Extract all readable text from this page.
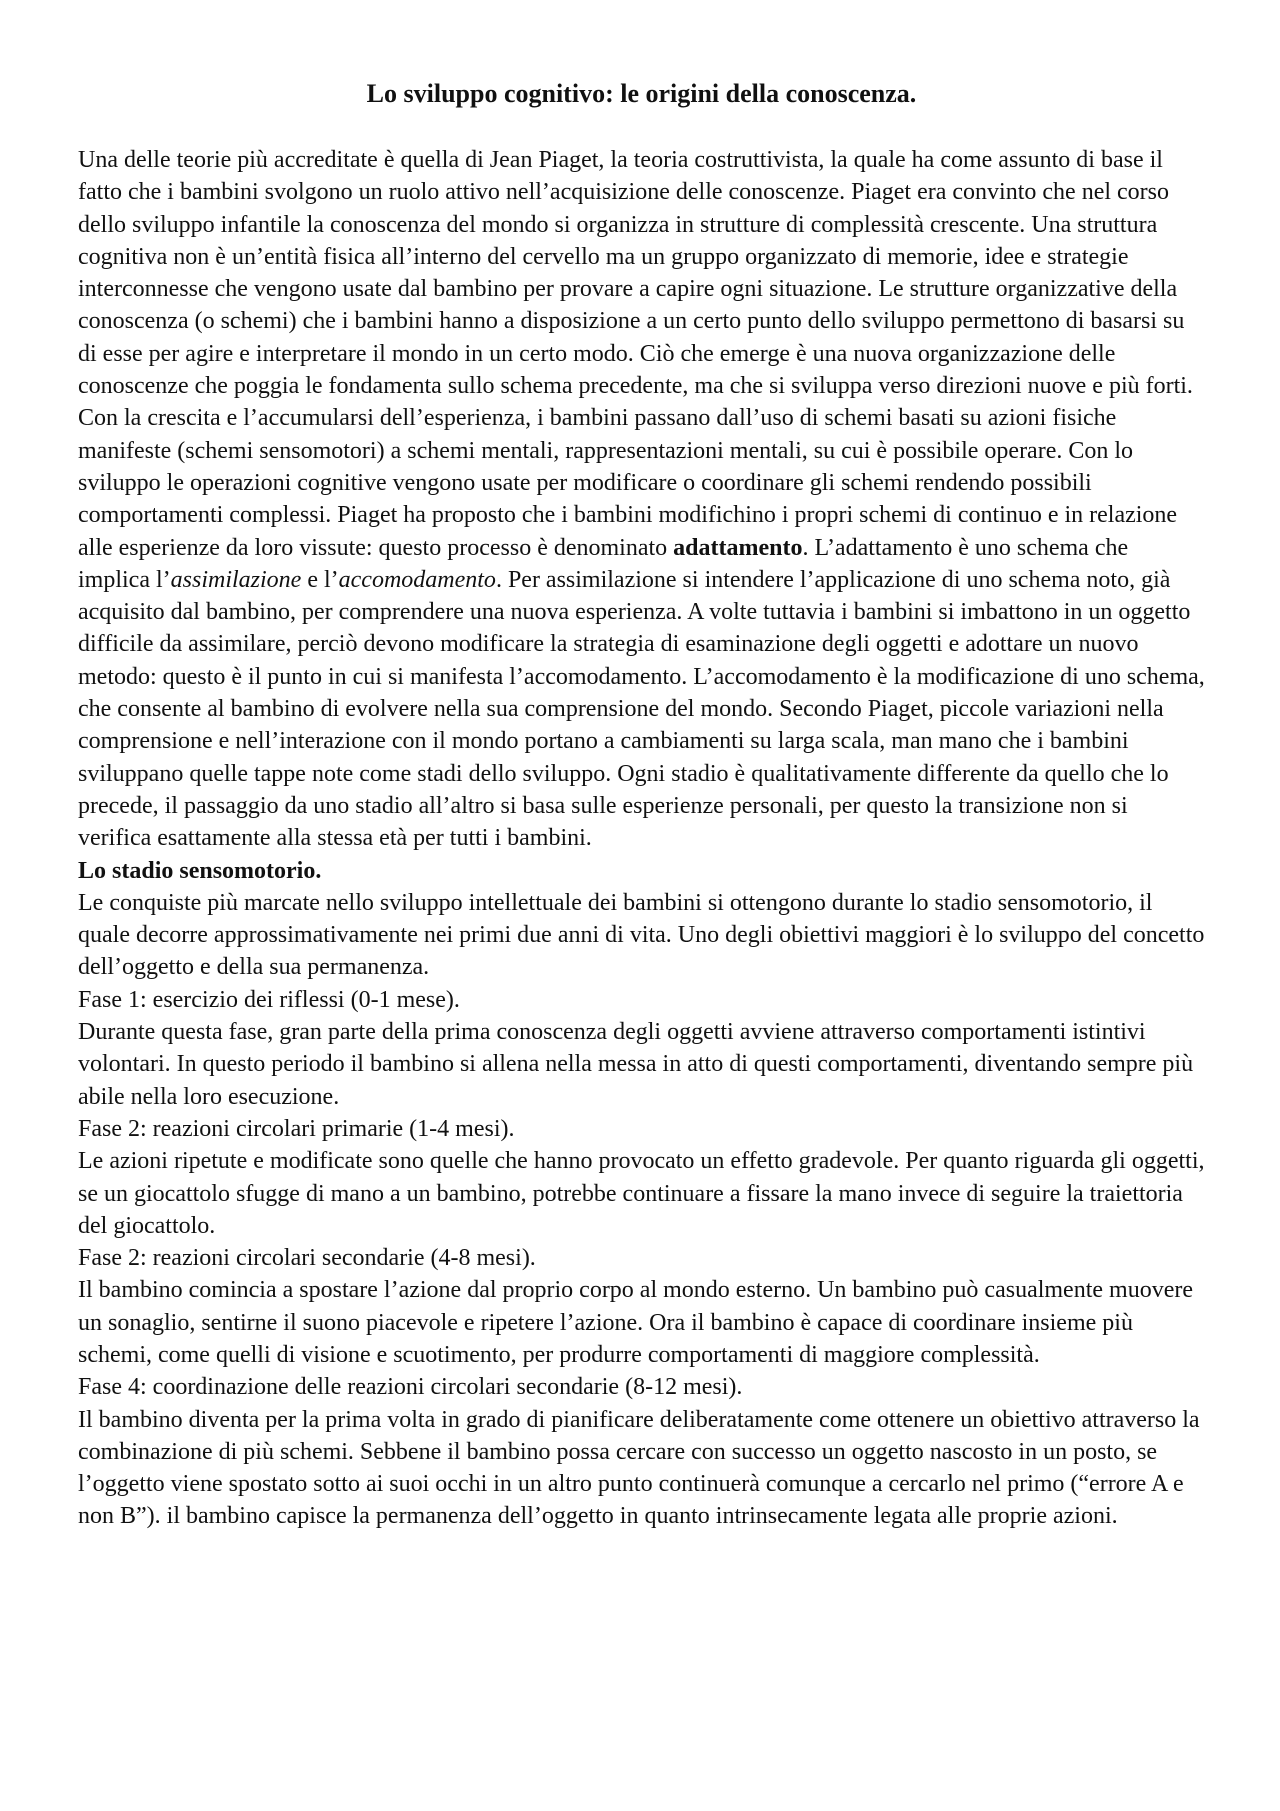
Lo sviluppo cognitivo: le origini della conoscenza.

Una delle teorie più accreditate è quella di Jean Piaget, la teoria costruttivista, la quale ha come assunto di base il fatto che i bambini svolgono un ruolo attivo nell’acquisizione delle conoscenze. Piaget era convinto che nel corso dello sviluppo infantile la conoscenza del mondo si organizza in strutture di complessità crescente. Una struttura cognitiva non è un’entità fisica all’interno del cervello ma un gruppo organizzato di memorie, idee e strategie interconnesse che vengono usate dal bambino per provare a capire ogni situazione. Le strutture organizzative della conoscenza (o schemi) che i bambini hanno a disposizione a un certo punto dello sviluppo permettono di basarsi su di esse per agire e interpretare il mondo in un certo modo. Ciò che emerge è una nuova organizzazione delle conoscenze che poggia le fondamenta sullo schema precedente, ma che si sviluppa verso direzioni nuove e più forti. Con la crescita e l’accumularsi dell’esperienza, i bambini passano dall’uso di schemi basati su azioni fisiche manifeste (schemi sensomotori) a schemi mentali, rappresentazioni mentali, su cui è possibile operare. Con lo sviluppo le operazioni cognitive vengono usate per modificare o coordinare gli schemi rendendo possibili comportamenti complessi. Piaget ha proposto che i bambini modifichino i propri schemi di continuo e in relazione alle esperienze da loro vissute: questo processo è denominato adattamento. L’adattamento è uno schema che implica l’assimilazione e l’accomodamento. Per assimilazione si intendere l’applicazione di uno schema noto, già acquisito dal bambino, per comprendere una nuova esperienza. A volte tuttavia i bambini si imbattono in un oggetto difficile da assimilare, perciò devono modificare la strategia di esaminazione degli oggetti e adottare un nuovo metodo: questo è il punto in cui si manifesta l’accomodamento. L’accomodamento è la modificazione di uno schema, che consente al bambino di evolvere nella sua comprensione del mondo. Secondo Piaget, piccole variazioni nella comprensione e nell’interazione con il mondo portano a cambiamenti su larga scala, man mano che i bambini sviluppano quelle tappe note come stadi dello sviluppo. Ogni stadio è qualitativamente differente da quello che lo precede, il passaggio da uno stadio all’altro si basa sulle esperienze personali, per questo la transizione non si verifica esattamente alla stessa età per tutti i bambini.

Lo stadio sensomotorio.

Le conquiste più marcate nello sviluppo intellettuale dei bambini si ottengono durante lo stadio sensomotorio, il quale decorre approssimativamente nei primi due anni di vita. Uno degli obiettivi maggiori è lo sviluppo del concetto dell’oggetto e della sua permanenza.

Fase 1: esercizio dei riflessi (0-1 mese).

Durante questa fase, gran parte della prima conoscenza degli oggetti avviene attraverso comportamenti istintivi volontari. In questo periodo il bambino si allena nella messa in atto di questi comportamenti, diventando sempre più abile nella loro esecuzione.

Fase 2: reazioni circolari primarie (1-4 mesi).

Le azioni ripetute e modificate sono quelle che hanno provocato un effetto gradevole. Per quanto riguarda gli oggetti, se un giocattolo sfugge di mano a un bambino, potrebbe continuare a fissare la mano invece di seguire la traiettoria del giocattolo.

Fase 2: reazioni circolari secondarie (4-8 mesi).

Il bambino comincia a spostare l’azione dal proprio corpo al mondo esterno. Un bambino può casualmente muovere un sonaglio, sentirne il suono piacevole e ripetere l’azione. Ora il bambino è capace di coordinare insieme più schemi, come quelli di visione e scuotimento, per produrre comportamenti di maggiore complessità.

Fase 4: coordinazione delle reazioni circolari secondarie (8-12 mesi).

Il bambino diventa per la prima volta in grado di pianificare deliberatamente come ottenere un obiettivo attraverso la combinazione di più schemi. Sebbene il bambino possa cercare con successo un oggetto nascosto in un posto, se l’oggetto viene spostato sotto ai suoi occhi in un altro punto continuerà comunque a cercarlo nel primo (“errore A e non B”). il bambino capisce la permanenza dell’oggetto in quanto intrinsecamente legata alle proprie azioni.
